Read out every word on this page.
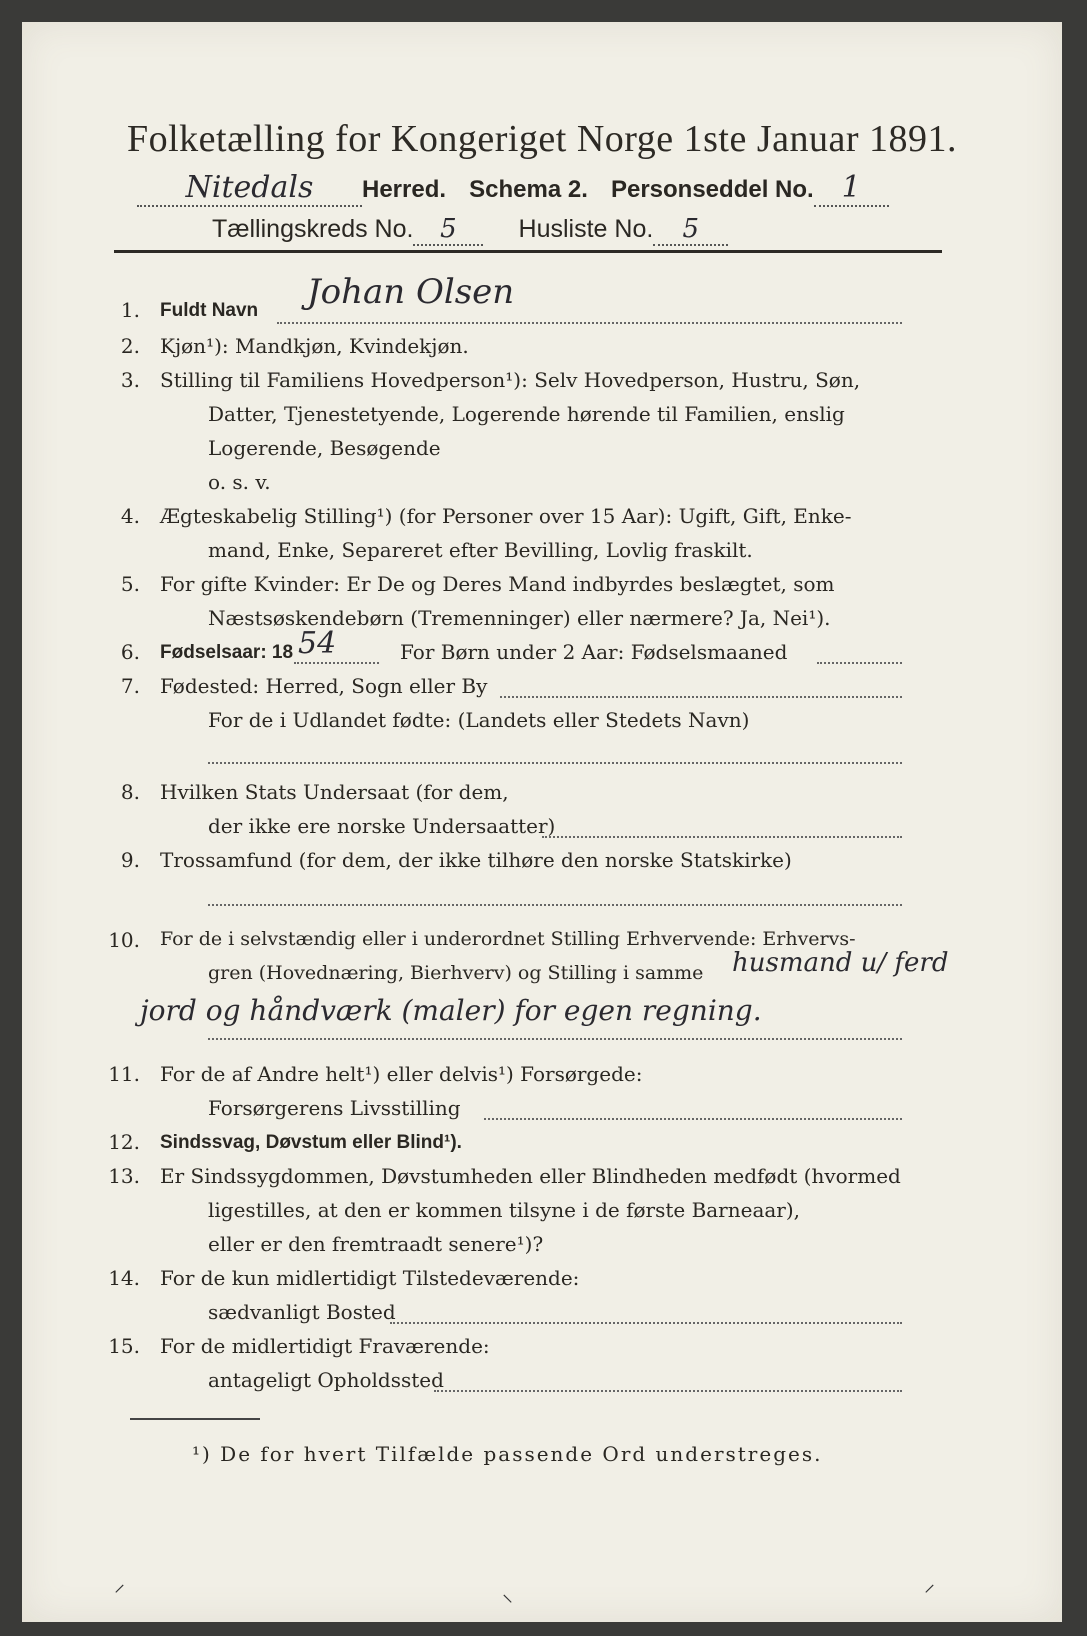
Folketælling for Kongeriget Norge 1ste Januar 1891.
Nitedals Herred. Schema 2. Personseddel No. 1
Tællingskreds No. 5 Husliste No. 5
1. Fuldt Navn Johan Olsen
2. Kjøn¹): Mandkjøn, Kvindekjøn.
3. Stilling til Familiens Hovedperson¹): Selv Hovedperson, Hustru, Søn,
Datter, Tjenestetyende, Logerende hørende til Familien, enslig
Logerende, Besøgende
o. s. v.
4. Ægteskabelig Stilling¹) (for Personer over 15 Aar): Ugift, Gift, Enke-
mand, Enke, Separeret efter Bevilling, Lovlig fraskilt.
5. For gifte Kvinder: Er De og Deres Mand indbyrdes beslægtet, som
Næstsøskendebørn (Tremenninger) eller nærmere? Ja, Nei¹).
6. Fødselsaar: 18 54	For Børn under 2 Aar: Fødselsmaaned
7. Fødested: Herred, Sogn eller By
For de i Udlandet fødte: (Landets eller Stedets Navn)
8. Hvilken Stats Undersaat (for dem,
der ikke ere norske Undersaatter)
9. Trossamfund (for dem, der ikke tilhøre den norske Statskirke)
10. For de i selvstændig eller i underordnet Stilling Erhvervende: Erhvervs-
gren (Hovednæring, Bierhverv) og Stilling i samme husmand u/ ferd
jord og håndværk (maler) for egen regning.
11. For de af Andre helt¹) eller delvis¹) Forsørgede:
Forsørgerens Livsstilling
12. Sindssvag, Døvstum eller Blind¹).
13. Er Sindssygdommen, Døvstumheden eller Blindheden medfødt (hvormed
ligestilles, at den er kommen tilsyne i de første Barneaar),
eller er den fremtraadt senere¹)?
14. For de kun midlertidigt Tilstedeværende:
sædvanligt Bosted
15. For de midlertidigt Fraværende:
antageligt Opholdssted
¹) De for hvert Tilfælde passende Ord understreges.
⸝	⸜	⸝
